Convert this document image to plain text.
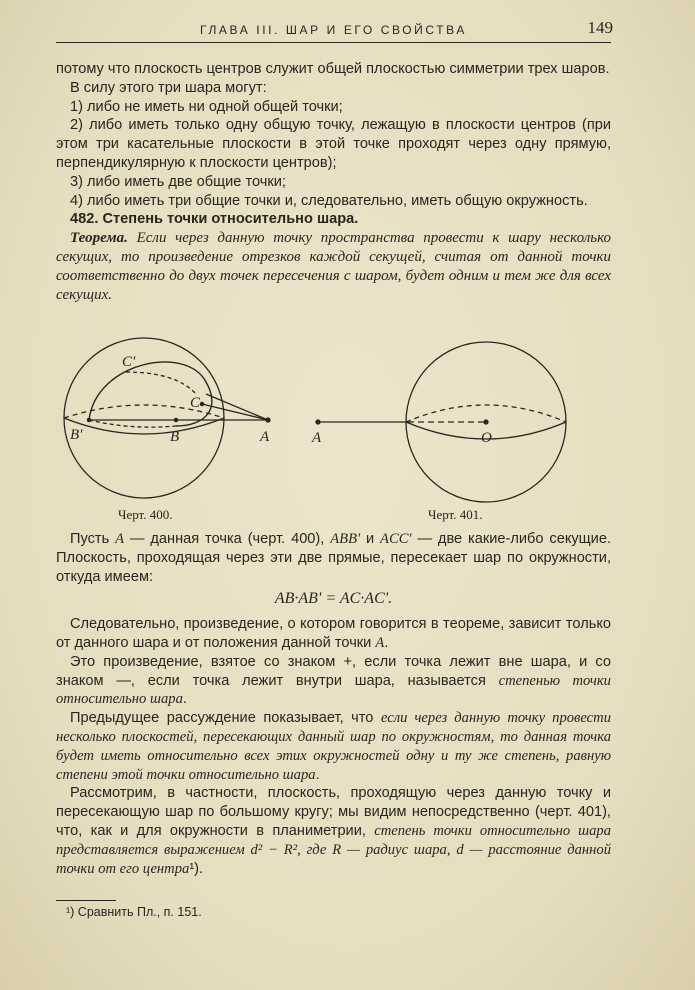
ГЛАВА III. ШАР И ЕГО СВОЙСТВА	149

потому что плоскость центров служит общей плоскостью симметрии трех шаров.

В силу этого три шара могут:

1) либо не иметь ни одной общей точки;

2) либо иметь только одну общую точку, лежащую в плоскости центров (при этом три касательные плоскости в этой точке проходят через одну прямую, перпендикулярную к плоскости центров);

3) либо иметь две общие точки;

4) либо иметь три общие точки и, следовательно, иметь общую окружность.

482. Степень точки относительно шара.

Теорема. Если через данную точку пространства провести к шару несколько секущих, то произведение отрезков каждой секущей, считая от данной точки соответственно до двух точек пересечения с шаром, будет одним и тем же для всех секущих.

C'
C
B'	B	A	A	O
Черт. 400.	Черт. 401.

Пусть A — данная точка (черт. 400), ABB' и ACC' — две какие-либо секущие. Плоскость, проходящая через эти две прямые, пересекает шар по окружности, откуда имеем:

AB·AB' = AC·AC'.

Следовательно, произведение, о котором говорится в теореме, зависит только от данного шара и от положения данной точки A.

Это произведение, взятое со знаком +, если точка лежит вне шара, и со знаком —, если точка лежит внутри шара, называется степенью точки относительно шара.

Предыдущее рассуждение показывает, что если через данную точку провести несколько плоскостей, пересекающих данный шар по окружностям, то данная точка будет иметь относительно всех этих окружностей одну и ту же степень, равную степени этой точки относительно шара.

Рассмотрим, в частности, плоскость, проходящую через данную точку и пересекающую шар по большому кругу; мы видим непосредственно (черт. 401), что, как и для окружности в планиметрии, степень точки относительно шара представляется выражением d² − R², где R — радиус шара, d — расстояние данной точки от его центра¹).

¹) Сравнить Пл., п. 151.
